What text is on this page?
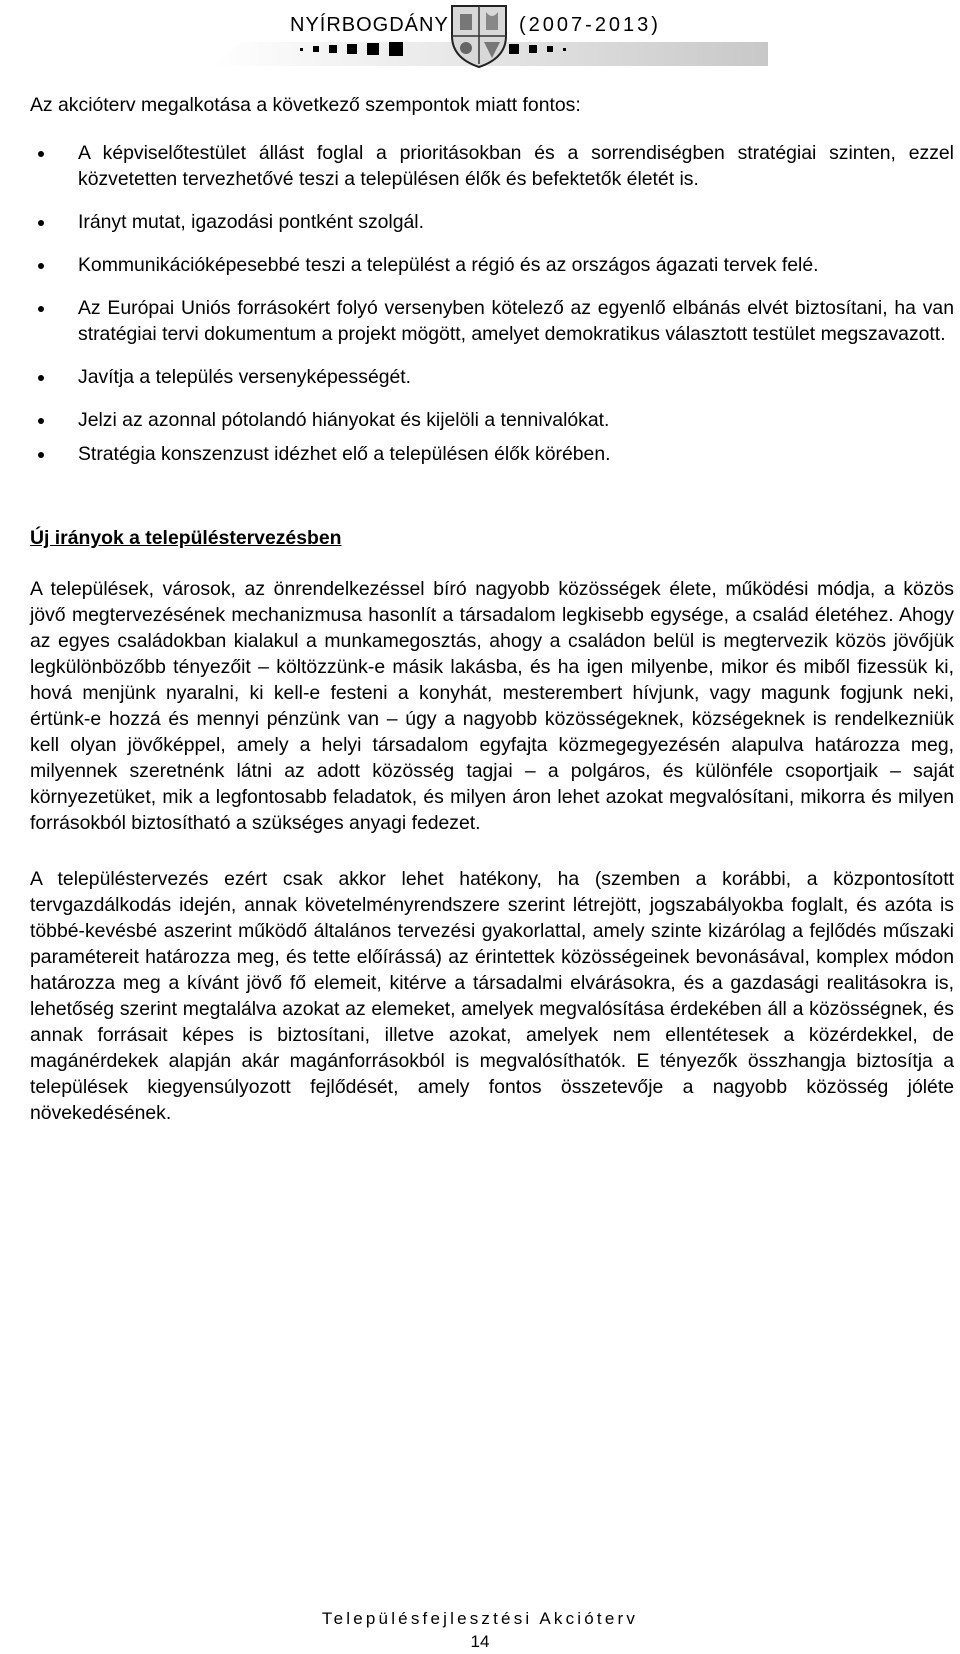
NYÍRBOGDÁNY	(2007-2013)

Az akcióterv megalkotása a következő szempontok miatt fontos:

A képviselőtestület állást foglal a prioritásokban és a sorrendiségben stratégiai szinten, ezzel közvetetten tervezhetővé teszi a településen élők és befektetők életét is.
Irányt mutat, igazodási pontként szolgál.
Kommunikációképesebbé teszi a települést a régió és az országos ágazati tervek felé.
Az Európai Uniós forrásokért folyó versenyben kötelező az egyenlő elbánás elvét biztosítani, ha van stratégiai tervi dokumentum a projekt mögött, amelyet demokratikus választott testület megszavazott.
Javítja a település versenyképességét.
Jelzi az azonnal pótolandó hiányokat és kijelöli a tennivalókat.
Stratégia konszenzust idézhet elő a településen élők körében.
Új irányok a településtervezésben

A települések, városok, az önrendelkezéssel bíró nagyobb közösségek élete, működési módja, a közös jövő megtervezésének mechanizmusa hasonlít a társadalom legkisebb egysége, a család életéhez. Ahogy az egyes családokban kialakul a munkamegosztás, ahogy a családon belül is megtervezik közös jövőjük legkülönbözőbb tényezőit – költözzünk-e másik lakásba, és ha igen milyenbe, mikor és miből fizessük ki, hová menjünk nyaralni, ki kell-e festeni a konyhát, mesterembert hívjunk, vagy magunk fogjunk neki, értünk-e hozzá és mennyi pénzünk van – úgy a nagyobb közösségeknek, községeknek is rendelkezniük kell olyan jövőképpel, amely a helyi társadalom egyfajta közmegegyezésén alapulva határozza meg, milyennek szeretnénk látni az adott közösség tagjai – a polgáros, és különféle csoportjaik – saját környezetüket, mik a legfontosabb feladatok, és milyen áron lehet azokat megvalósítani, mikorra és milyen forrásokból biztosítható a szükséges anyagi fedezet.

A településtervezés ezért csak akkor lehet hatékony, ha (szemben a korábbi, a központosított tervgazdálkodás idején, annak követelményrendszere szerint létrejött, jogszabályokba foglalt, és azóta is többé-kevésbé aszerint működő általános tervezési gyakorlattal, amely szinte kizárólag a fejlődés műszaki paramétereit határozza meg, és tette előírássá) az érintettek közösségeinek bevonásával, komplex módon határozza meg a kívánt jövő fő elemeit, kitérve a társadalmi elvárásokra, és a gazdasági realitásokra is, lehetőség szerint megtalálva azokat az elemeket, amelyek megvalósítása érdekében áll a közösségnek, és annak forrásait képes is biztosítani, illetve azokat, amelyek nem ellentétesek a közérdekkel, de magánérdekek alapján akár magánforrásokból is megvalósíthatók. E tényezők összhangja biztosítja a települések kiegyensúlyozott fejlődését, amely fontos összetevője a nagyobb közösség jóléte növekedésének.

Településfejlesztési Akcióterv
14
